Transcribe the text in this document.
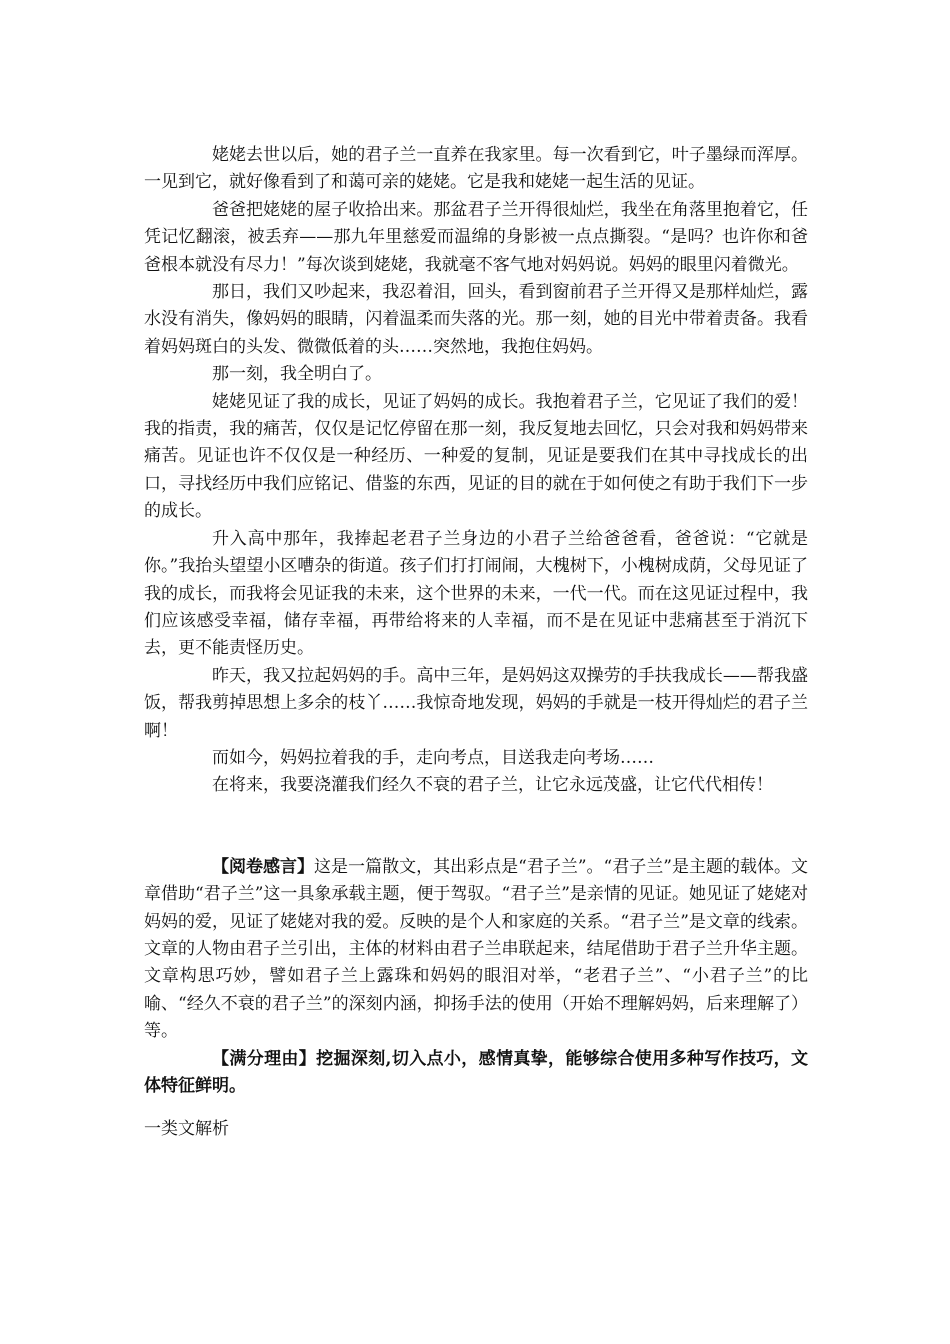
姥姥去世以后，她的君子兰一直养在我家里。每一次看到它，叶子墨绿而浑厚。一见到它，就好像看到了和蔼可亲的姥姥。它是我和姥姥一起生活的见证。

爸爸把姥姥的屋子收拾出来。那盆君子兰开得很灿烂，我坐在角落里抱着它，任凭记忆翻滚，被丢弃——那九年里慈爱而温绵的身影被一点点撕裂。“是吗？也许你和爸爸根本就没有尽力！”每次谈到姥姥，我就毫不客气地对妈妈说。妈妈的眼里闪着微光。

那日，我们又吵起来，我忍着泪，回头，看到窗前君子兰开得又是那样灿烂，露水没有消失，像妈妈的眼睛，闪着温柔而失落的光。那一刻，她的目光中带着责备。我看着妈妈斑白的头发、微微低着的头……突然地，我抱住妈妈。

那一刻，我全明白了。

姥姥见证了我的成长，见证了妈妈的成长。我抱着君子兰，它见证了我们的爱！我的指责，我的痛苦，仅仅是记忆停留在那一刻，我反复地去回忆，只会对我和妈妈带来痛苦。见证也许不仅仅是一种经历、一种爱的复制，见证是要我们在其中寻找成长的出口，寻找经历中我们应铭记、借鉴的东西，见证的目的就在于如何使之有助于我们下一步的成长。

升入高中那年，我捧起老君子兰身边的小君子兰给爸爸看，爸爸说：“它就是你。”我抬头望望小区嘈杂的街道。孩子们打打闹闹，大槐树下，小槐树成荫，父母见证了我的成长，而我将会见证我的未来，这个世界的未来，一代一代。而在这见证过程中，我们应该感受幸福，储存幸福，再带给将来的人幸福，而不是在见证中悲痛甚至于消沉下去，更不能责怪历史。

昨天，我又拉起妈妈的手。高中三年，是妈妈这双操劳的手扶我成长——帮我盛饭，帮我剪掉思想上多余的枝丫……我惊奇地发现，妈妈的手就是一枝开得灿烂的君子兰啊！

而如今，妈妈拉着我的手，走向考点，目送我走向考场……

在将来，我要浇灌我们经久不衰的君子兰，让它永远茂盛，让它代代相传！

【阅卷感言】这是一篇散文，其出彩点是“君子兰”。“君子兰”是主题的载体。文章借助“君子兰”这一具象承载主题，便于驾驭。“君子兰”是亲情的见证。她见证了姥姥对妈妈的爱，见证了姥姥对我的爱。反映的是个人和家庭的关系。“君子兰”是文章的线索。文章的人物由君子兰引出，主体的材料由君子兰串联起来，结尾借助于君子兰升华主题。文章构思巧妙，譬如君子兰上露珠和妈妈的眼泪对举，“老君子兰”、“小君子兰”的比喻、“经久不衰的君子兰”的深刻内涵，抑扬手法的使用（开始不理解妈妈，后来理解了）等。

【满分理由】挖掘深刻,切入点小，感情真挚，能够综合使用多种写作技巧，文体特征鲜明。

一类文解析
